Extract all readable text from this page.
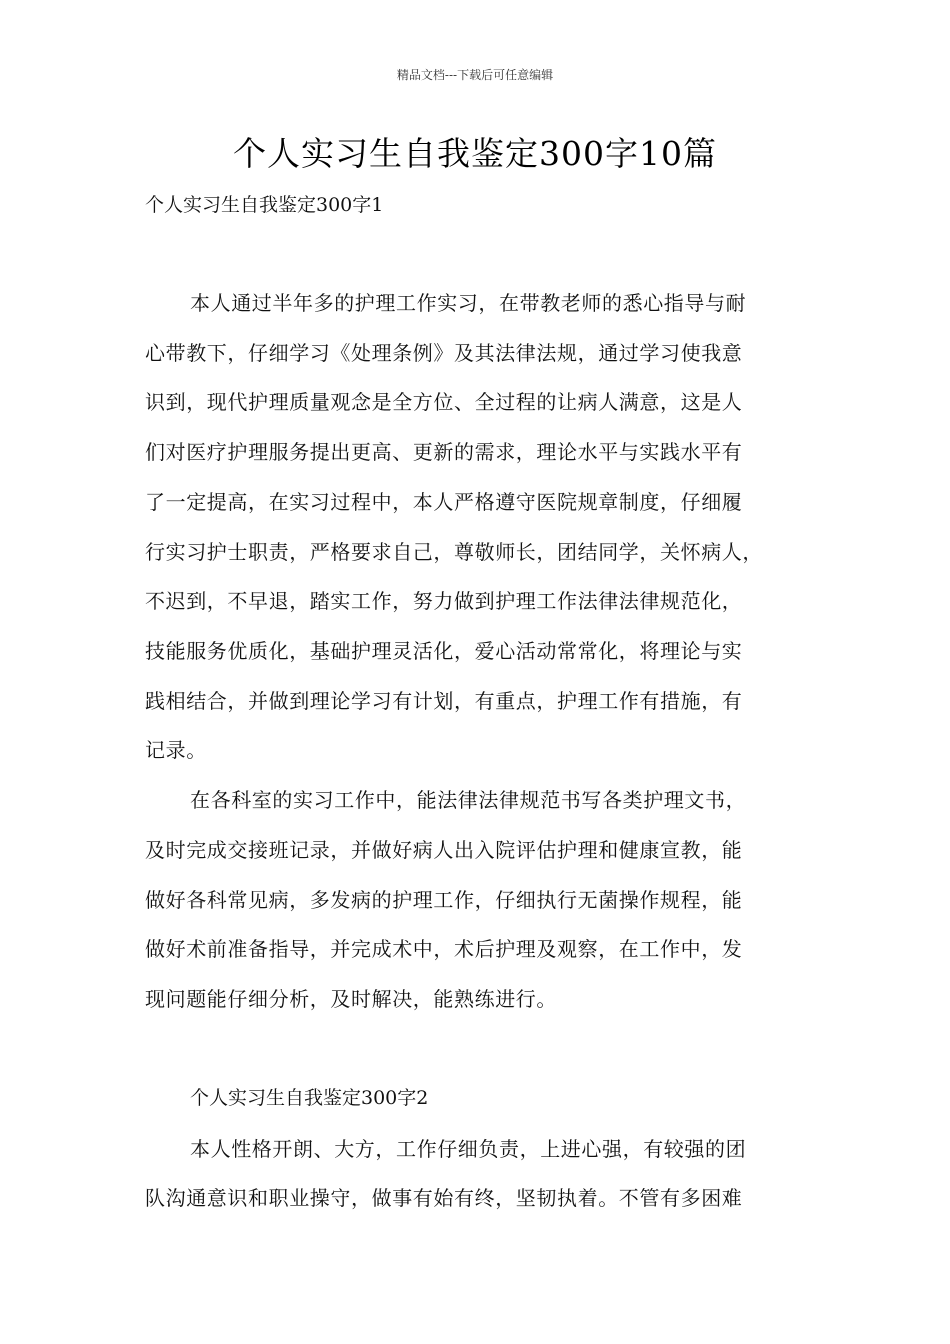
精品文档---下载后可任意编辑
个人实习生自我鉴定300字10篇
个人实习生自我鉴定300字1
本人通过半年多的护理工作实习，在带教老师的悉心指导与耐
心带教下，仔细学习《处理条例》及其法律法规，通过学习使我意
识到，现代护理质量观念是全方位、全过程的让病人满意，这是人
们对医疗护理服务提出更高、更新的需求，理论水平与实践水平有
了一定提高，在实习过程中，本人严格遵守医院规章制度，仔细履
行实习护士职责，严格要求自己，尊敬师长，团结同学，关怀病人，
不迟到，不早退，踏实工作，努力做到护理工作法律法律规范化，
技能服务优质化，基础护理灵活化，爱心活动常常化，将理论与实
践相结合，并做到理论学习有计划，有重点，护理工作有措施，有
记录。
在各科室的实习工作中，能法律法律规范书写各类护理文书，
及时完成交接班记录，并做好病人出入院评估护理和健康宣教，能
做好各科常见病，多发病的护理工作，仔细执行无菌操作规程，能
做好术前准备指导，并完成术中，术后护理及观察，在工作中，发
现问题能仔细分析，及时解决，能熟练进行。
个人实习生自我鉴定300字2
本人性格开朗、大方，工作仔细负责，上进心强，有较强的团
队沟通意识和职业操守，做事有始有终，坚韧执着。不管有多困难
